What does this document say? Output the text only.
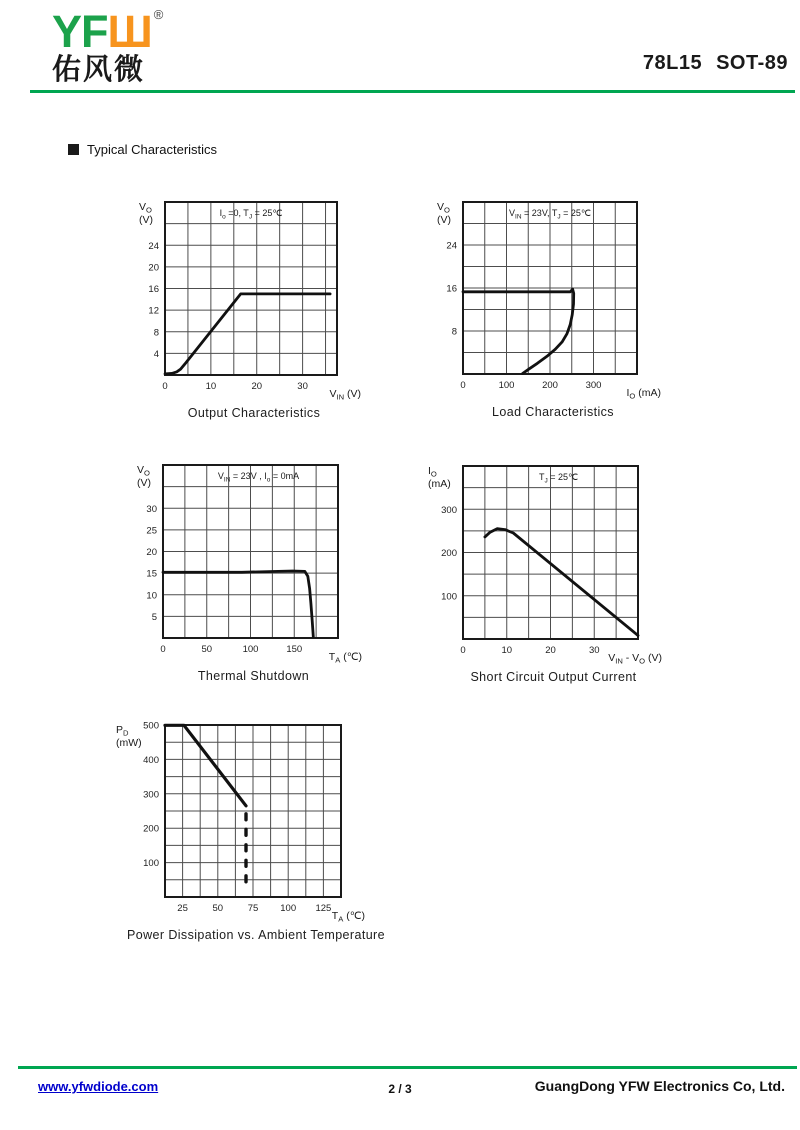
YFШ ®
佑风微	78L15 SOT-89
Typical Characteristics
0	10	20	30
4
8
12
16
20
24
$I_o =0$, $T_J$ = 25℃
$V_O$
(V)
$V_{IN}$ (V)
Output Characteristics
0	100	200	300
8
16
24
$V_{IN} = 23V$, $T_J$ = 25℃
$V_O$
(V)
$I_O$ (mA)
Load Characteristics
0	50	100	150
5
10
15
20
25
30
$V_{IN} = 23V$ , $I_o = 0mA$
$V_O$
(V)
$T_A$ (℃)
Thermal Shutdown
0	10	20	30
100
200
300
$T_J$ = 25℃
$I_O$
(mA)
$V_{IN} - V_O$ (V)
Short Circuit Output Current
25	50	75 100 125
100
200
300
400
500
$P_D$
(mW)
$T_A$ (℃)
Power Dissipation vs. Ambient Temperature
www.yfwdiode.com	2 / 3	GuangDong YFW Electronics Co, Ltd.
